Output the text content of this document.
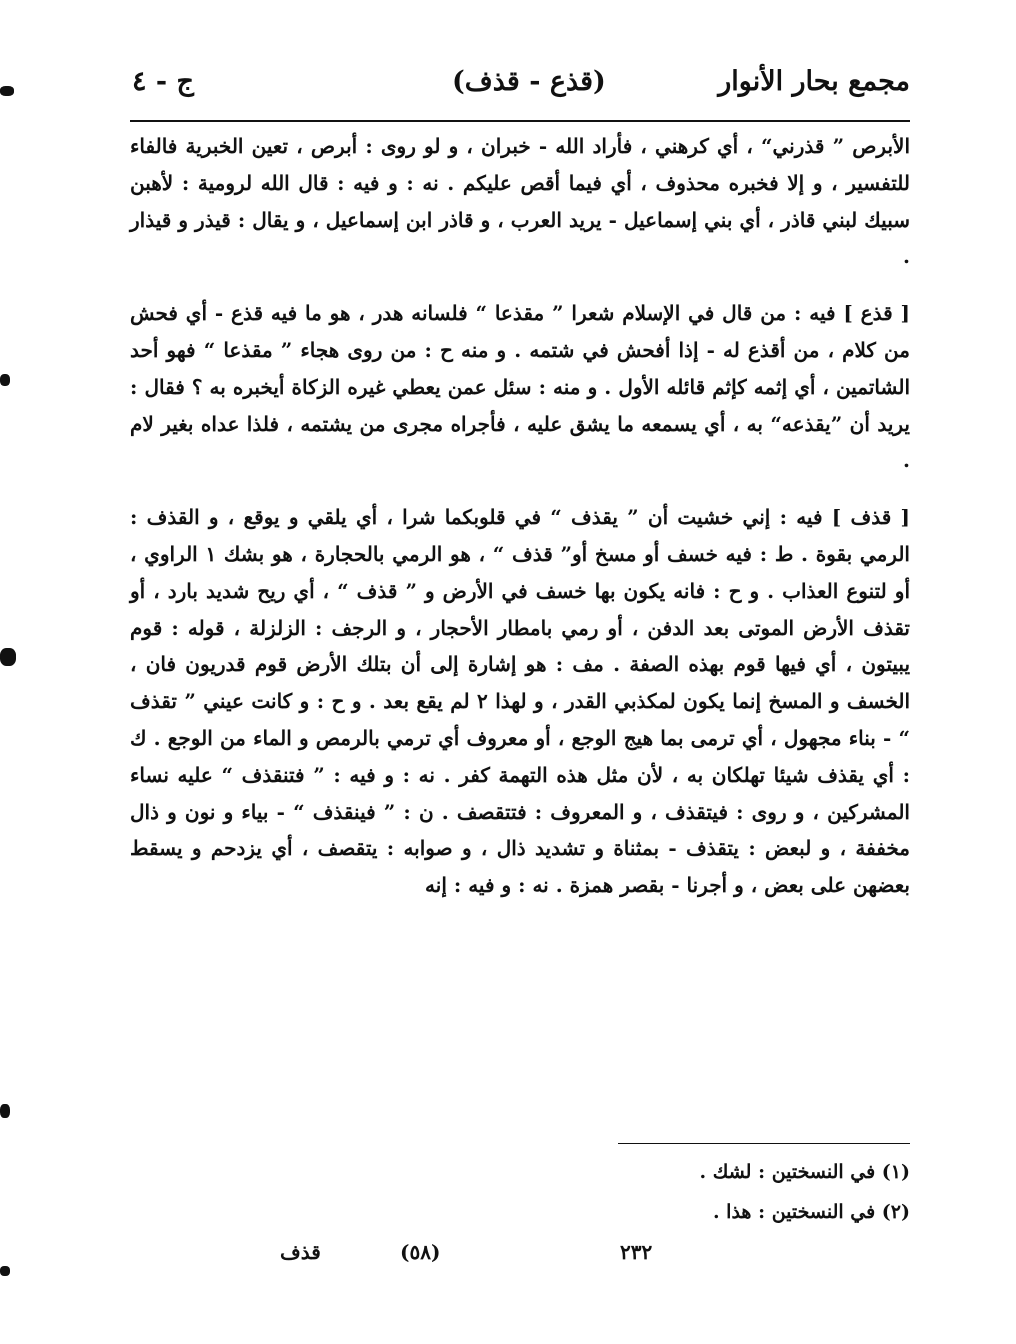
مجمع بحار الأنوار
(قذع - قذف)
ج - ٤

الأبرص ” قذرني“ ، أي كرهني ، فأراد الله - خبران ، و لو روى : أبرص ، تعين الخبرية فالفاء للتفسير ، و إلا فخبره محذوف ، أي فيما أقص عليكم . نه : و فيه : قال الله لرومية : لأهبن سبيك لبني قاذر ، أي بني إسماعيل - يريد العرب ، و قاذر ابن إسماعيل ، و يقال : قيذر و قيذار .

[ قذع ] فيه : من قال في الإسلام شعرا ” مقذعا “ فلسانه هدر ، هو ما فيه قذع - أي فحش من كلام ، من أقذع له - إذا أفحش في شتمه . و منه ح : من روى هجاء ” مقذعا “ فهو أحد الشاتمين ، أي إثمه كإثم قائله الأول . و منه : سئل عمن يعطي غيره الزكاة أيخبره به ؟ فقال : يريد أن ”يقذعه“ به ، أي يسمعه ما يشق عليه ، فأجراه مجرى من يشتمه ، فلذا عداه بغير لام .

[ قذف ] فيه : إني خشيت أن ” يقذف “ في قلوبكما شرا ، أي يلقي و يوقع ، و القذف : الرمي بقوة . ط : فيه خسف أو مسخ أو” قذف “ ، هو الرمي بالحجارة ، هو بشك ١ الراوي ، أو لتنوع العذاب . و ح : فانه يكون بها خسف في الأرض و ” قذف “ ، أي ريح شديد بارد ، أو تقذف الأرض الموتى بعد الدفن ، أو رمي بامطار الأحجار ، و الرجف : الزلزلة ، قوله : قوم يبيتون ، أي فيها قوم بهذه الصفة . مف : هو إشارة إلى أن بتلك الأرض قوم قدريون فان ، الخسف و المسخ إنما يكون لمكذبي القدر ، و لهذا ٢ لم يقع بعد . و ح : و كانت عيني ” تقذف “ - بناء مجهول ، أي ترمى بما هيج الوجع ، أو معروف أي ترمي بالرمص و الماء من الوجع . ك : أي يقذف شيئا تهلكان به ، لأن مثل هذه التهمة كفر . نه : و فيه : ” فتنقذف “ عليه نساء المشركين ، و روى : فيتقذف ، و المعروف : فتتقصف . ن : ” فينقذف “ - بياء و نون و ذال مخففة ، و لبعض : يتقذف - بمثناة و تشديد ذال ، و صوابه : يتقصف ، أي يزدحم و يسقط بعضهن على بعض ، و أجرنا - بقصر همزة . نه : و فيه : إنه

(١) في النسختين : لشك .
(٢) في النسختين : هذا .
٢٣٢
(٥٨)
قذف
